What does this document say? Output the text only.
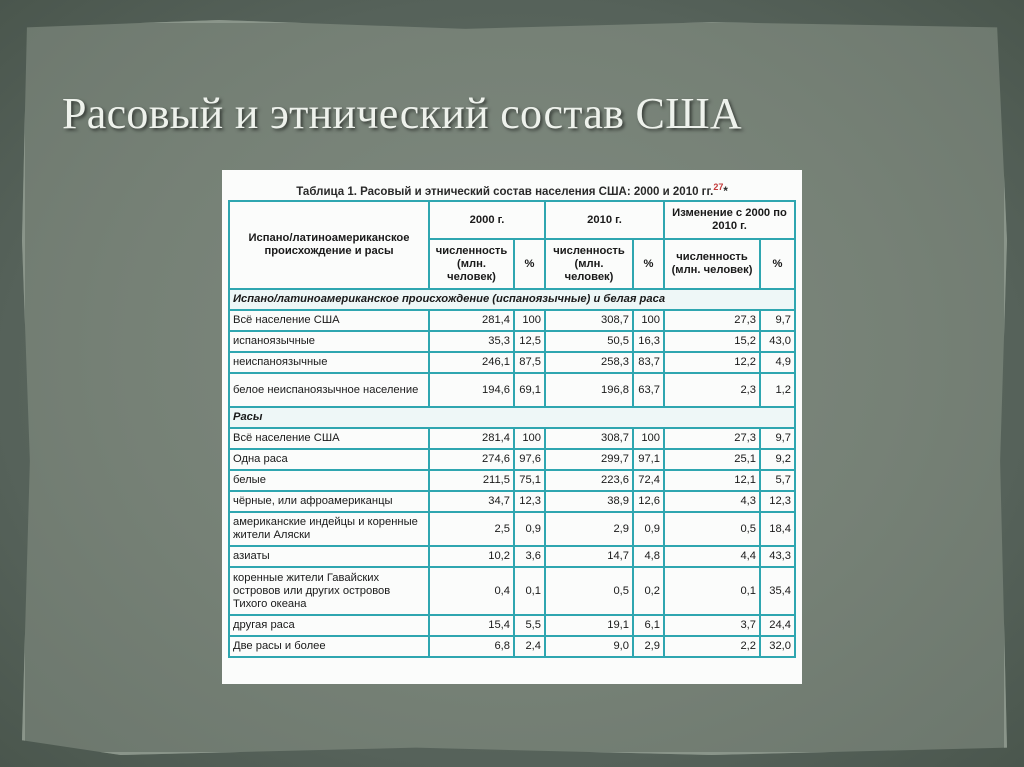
Расовый и этнический состав США
Таблица 1. Расовый и этнический состав населения США: 2000 и 2010 гг.$^{27}$*
Испано/латиноамериканское происхождение и расы	2000 г.		2010 г.		Изменение с 2000 по 2010 г.	
	численность (млн. человек)	%	численность (млн. человек)	%	численность (млн. человек)	%
Испано/латиноамериканское происхождение (испаноязычные) и белая раса						
Всё население США	281,4	100	308,7	100	27,3	9,7
испаноязычные	35,3	12,5	50,5	16,3	15,2	43,0
неиспаноязычные	246,1	87,5	258,3	83,7	12,2	4,9
белое неиспаноязычное население	194,6	69,1	196,8	63,7	2,3	1,2
Расы						
Всё население США	281,4	100	308,7	100	27,3	9,7
Одна раса	274,6	97,6	299,7	97,1	25,1	9,2
белые	211,5	75,1	223,6	72,4	12,1	5,7
чёрные, или афроамериканцы	34,7	12,3	38,9	12,6	4,3	12,3
американские индейцы и коренные жители Аляски	2,5	0,9	2,9	0,9	0,5	18,4
азиаты	10,2	3,6	14,7	4,8	4,4	43,3
коренные жители Гавайских островов или других островов Тихого океана	0,4	0,1	0,5	0,2	0,1	35,4
другая раса	15,4	5,5	19,1	6,1	3,7	24,4
Две расы и более	6,8	2,4	9,0	2,9	2,2	32,0
